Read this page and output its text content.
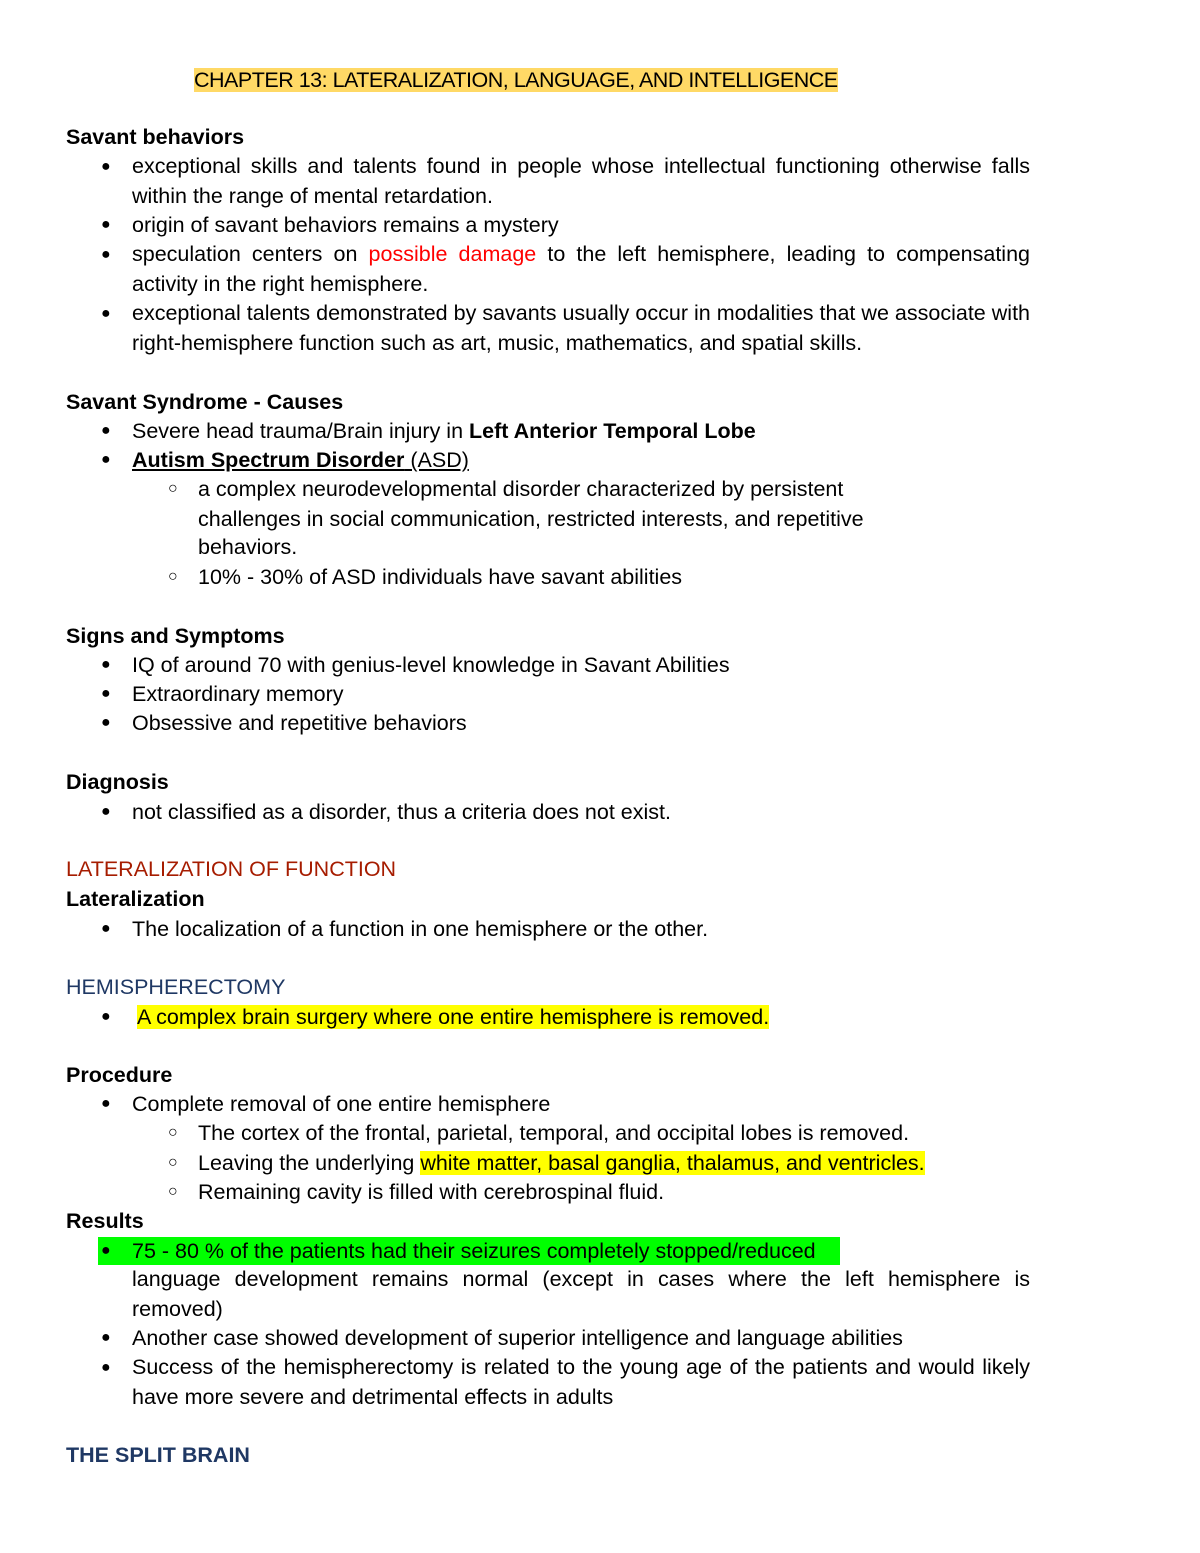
CHAPTER 13: LATERALIZATION, LANGUAGE, AND INTELLIGENCE
Savant behaviors
●
exceptional skills and talents found in people whose intellectual functioning otherwise falls within the range of mental retardation.
●
origin of savant behaviors remains a mystery
●
speculation centers on possible damage to the left hemisphere, leading to compensating activity in the right hemisphere.
●
exceptional talents demonstrated by savants usually occur in modalities that we associate with right-hemisphere function such as art, music, mathematics, and spatial skills.
Savant Syndrome - Causes
●
Severe head trauma/Brain injury in Left Anterior Temporal Lobe
●
Autism Spectrum Disorder (ASD)
○
a complex neurodevelopmental disorder characterized by persistent
challenges in social communication, restricted interests, and repetitive
behaviors.
○
10% - 30% of ASD individuals have savant abilities
Signs and Symptoms
●
IQ of around 70 with genius-level knowledge in Savant Abilities
●
Extraordinary memory
●
Obsessive and repetitive behaviors
Diagnosis
●
not classified as a disorder, thus a criteria does not exist.
LATERALIZATION OF FUNCTION
Lateralization
●
The localization of a function in one hemisphere or the other.
HEMISPHERECTOMY
●
A complex brain surgery where one entire hemisphere is removed.
Procedure
●
Complete removal of one entire hemisphere
○
The cortex of the frontal, parietal, temporal, and occipital lobes is removed.
○
Leaving the underlying white matter, basal ganglia, thalamus, and ventricles.
○
Remaining cavity is filled with cerebrospinal fluid.
Results
●
75 - 80 % of the patients had their seizures completely stopped/reduced
language development remains normal (except in cases where the left hemisphere is removed)
●
Another case showed development of superior intelligence and language abilities
●
Success of the hemispherectomy is related to the young age of the patients and would likely have more severe and detrimental effects in adults
THE SPLIT BRAIN
